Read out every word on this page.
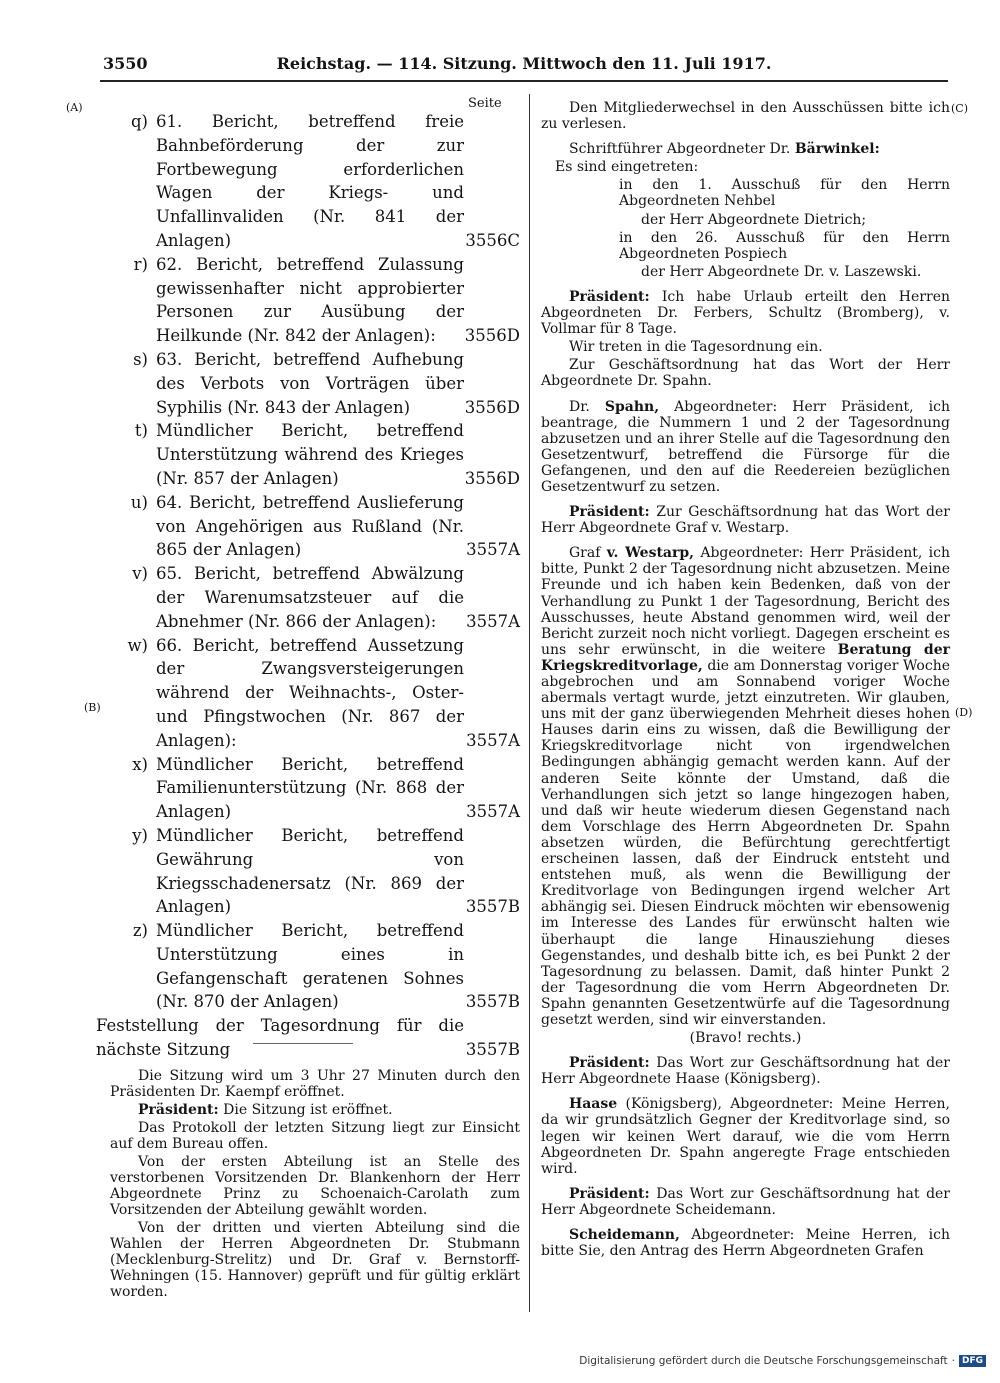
3550	Reichstag. — 114. Sitzung. Mittwoch den 11. Juli 1917.
(A)
(B)
(C)
(D)
Seite
q) 61. Bericht, betreffend freie Bahnbeförderung der zur Fortbewegung erforderlichen Wagen der Kriegs- und Unfallinvaliden (Nr. 841 der Anlagen)	3556C
r) 62. Bericht, betreffend Zulassung gewissenhafter nicht approbierter Personen zur Ausübung der Heilkunde (Nr. 842 der Anlagen):	3556D
s) 63. Bericht, betreffend Aufhebung des Verbots von Vorträgen über Syphilis (Nr. 843 der Anlagen)	3556D
t) Mündlicher Bericht, betreffend Unterstützung während des Krieges (Nr. 857 der Anlagen)	3556D
u) 64. Bericht, betreffend Auslieferung von Angehörigen aus Rußland (Nr. 865 der Anlagen)	3557A
v) 65. Bericht, betreffend Abwälzung der Warenumsatzsteuer auf die Abnehmer (Nr. 866 der Anlagen):	3557A
w) 66. Bericht, betreffend Aussetzung der Zwangsversteigerungen während der Weihnachts-, Oster- und Pfingstwochen (Nr. 867 der Anlagen):	3557A
x) Mündlicher Bericht, betreffend Familienunterstützung (Nr. 868 der Anlagen)	3557A
y) Mündlicher Bericht, betreffend Gewährung von Kriegsschadenersatz (Nr. 869 der Anlagen)	3557B
z) Mündlicher Bericht, betreffend Unterstützung eines in Gefangenschaft geratenen Sohnes (Nr. 870 der Anlagen)	3557B
Feststellung der Tagesordnung für die nächste Sitzung	3557B

Die Sitzung wird um 3 Uhr 27 Minuten durch den Präsidenten Dr. Kaempf eröffnet.

Präsident: Die Sitzung ist eröffnet.

Das Protokoll der letzten Sitzung liegt zur Einsicht auf dem Bureau offen.

Von der ersten Abteilung ist an Stelle des verstorbenen Vorsitzenden Dr. Blankenhorn der Herr Abgeordnete Prinz zu Schoenaich-Carolath zum Vorsitzenden der Abteilung gewählt worden.

Von der dritten und vierten Abteilung sind die Wahlen der Herren Abgeordneten Dr. Stubmann (Mecklenburg-Strelitz) und Dr. Graf v. Bernstorff-Wehningen (15. Hannover) geprüft und für gültig erklärt worden.

Den Mitgliederwechsel in den Ausschüssen bitte ich zu verlesen.

Schriftführer Abgeordneter Dr. Bärwinkel:

Es sind eingetreten:

in den 1. Ausschuß für den Herrn Abgeordneten Nehbel

der Herr Abgeordnete Dietrich;

in den 26. Ausschuß für den Herrn Abgeordneten Pospiech

der Herr Abgeordnete Dr. v. Laszewski.

Präsident: Ich habe Urlaub erteilt den Herren Abgeordneten Dr. Ferbers, Schultz (Bromberg), v. Vollmar für 8 Tage.

Wir treten in die Tagesordnung ein.

Zur Geschäftsordnung hat das Wort der Herr Abgeordnete Dr. Spahn.

Dr. Spahn, Abgeordneter: Herr Präsident, ich beantrage, die Nummern 1 und 2 der Tagesordnung abzusetzen und an ihrer Stelle auf die Tagesordnung den Gesetzentwurf, betreffend die Fürsorge für die Gefangenen, und den auf die Reedereien bezüglichen Gesetzentwurf zu setzen.

Präsident: Zur Geschäftsordnung hat das Wort der Herr Abgeordnete Graf v. Westarp.

Graf v. Westarp, Abgeordneter: Herr Präsident, ich bitte, Punkt 2 der Tagesordnung nicht abzusetzen. Meine Freunde und ich haben kein Bedenken, daß von der Verhandlung zu Punkt 1 der Tagesordnung, Bericht des Ausschusses, heute Abstand genommen wird, weil der Bericht zurzeit noch nicht vorliegt. Dagegen erscheint es uns sehr erwünscht, in die weitere Beratung der Kriegskreditvorlage, die am Donnerstag voriger Woche abgebrochen und am Sonnabend voriger Woche abermals vertagt wurde, jetzt einzutreten. Wir glauben, uns mit der ganz überwiegenden Mehrheit dieses hohen Hauses darin eins zu wissen, daß die Bewilligung der Kriegskreditvorlage nicht von irgendwelchen Bedingungen abhängig gemacht werden kann. Auf der anderen Seite könnte der Umstand, daß die Verhandlungen sich jetzt so lange hingezogen haben, und daß wir heute wiederum diesen Gegenstand nach dem Vorschlage des Herrn Abgeordneten Dr. Spahn absetzen würden, die Befürchtung gerechtfertigt erscheinen lassen, daß der Eindruck entsteht und entstehen muß, als wenn die Bewilligung der Kreditvorlage von Bedingungen irgend welcher Art abhängig sei. Diesen Eindruck möchten wir ebensowenig im Interesse des Landes für erwünscht halten wie überhaupt die lange Hinausziehung dieses Gegenstandes, und deshalb bitte ich, es bei Punkt 2 der Tagesordnung zu belassen. Damit, daß hinter Punkt 2 der Tagesordnung die vom Herrn Abgeordneten Dr. Spahn genannten Gesetzentwürfe auf die Tagesordnung gesetzt werden, sind wir einverstanden.

(Bravo! rechts.)

Präsident: Das Wort zur Geschäftsordnung hat der Herr Abgeordnete Haase (Königsberg).

Haase (Königsberg), Abgeordneter: Meine Herren, da wir grundsätzlich Gegner der Kreditvorlage sind, so legen wir keinen Wert darauf, wie die vom Herrn Abgeordneten Dr. Spahn angeregte Frage entschieden wird.

Präsident: Das Wort zur Geschäftsordnung hat der Herr Abgeordnete Scheidemann.

Scheidemann, Abgeordneter: Meine Herren, ich bitte Sie, den Antrag des Herrn Abgeordneten Grafen

Digitalisierung gefördert durch die Deutsche Forschungsgemeinschaft · DFG
